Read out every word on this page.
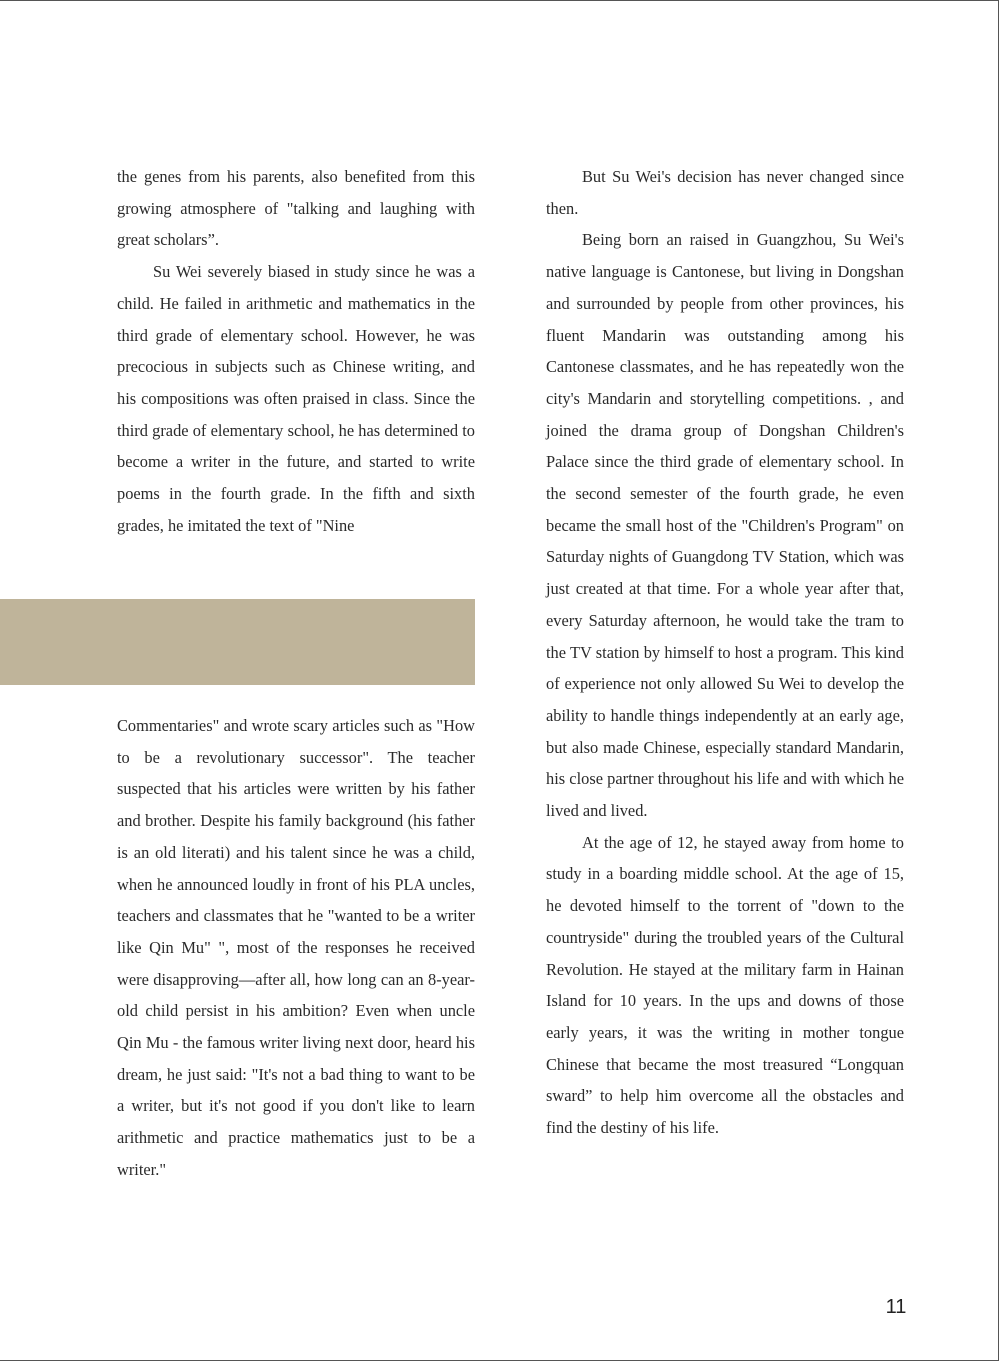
the genes from his parents, also benefited from this growing atmosphere of "talking and laughing with great scholars”.

Su Wei severely biased in study since he was a child. He failed in arithmetic and mathematics in the third grade of elementary school. However, he was precocious in subjects such as Chinese writing, and his compositions was often praised in class. Since the third grade of elementary school, he has determined to become a writer in the future, and started to write poems in the fourth grade. In the fifth and sixth grades, he imitated the text of "Nine

Commentaries" and wrote scary articles such as "How to be a revolutionary successor". The teacher suspected that his articles were written by his father and brother. Despite his family background (his father is an old literati) and his talent since he was a child, when he announced loudly in front of his PLA uncles, teachers and classmates that he "wanted to be a writer like Qin Mu" ", most of the responses he received were disapproving—after all, how long can an 8-year-old child persist in his ambition? Even when uncle Qin Mu - the famous writer living next door, heard his dream, he just said: "It's not a bad thing to want to be a writer, but it's not good if you don't like to learn arithmetic and practice mathematics just to be a writer."

But Su Wei's decision has never changed since then.

Being born an raised in Guangzhou, Su Wei's native language is Cantonese, but living in Dongshan and surrounded by people from other provinces, his fluent Mandarin was outstanding among his Cantonese classmates, and he has repeatedly won the city's Mandarin and storytelling competitions. , and joined the drama group of Dongshan Children's Palace since the third grade of elementary school. In the second semester of the fourth grade, he even became the small host of the "Children's Program" on Saturday nights of Guangdong TV Station, which was just created at that time. For a whole year after that, every Saturday afternoon, he would take the tram to the TV station by himself to host a program. This kind of experience not only allowed Su Wei to develop the ability to handle things independently at an early age, but also made Chinese, especially standard Mandarin, his close partner throughout his life and with which he lived and lived.

At the age of 12, he stayed away from home to study in a boarding middle school. At the age of 15, he devoted himself to the torrent of "down to the countryside" during the troubled years of the Cultural Revolution. He stayed at the military farm in Hainan Island for 10 years. In the ups and downs of those early years, it was the writing in mother tongue Chinese that became the most treasured “Longquan sward” to help him overcome all the obstacles and find the destiny of his life.

11
